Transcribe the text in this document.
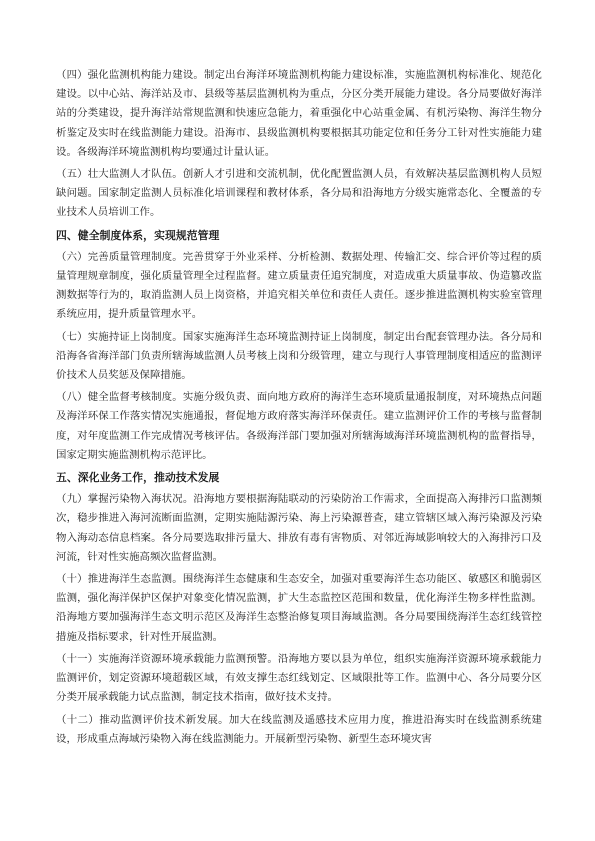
（四）强化监测机构能力建设。制定出台海洋环境监测机构能力建设标准，实施监测机构标准化、规范化建设。以中心站、海洋站及市、县级等基层监测机构为重点，分区分类开展能力建设。各分局要做好海洋站的分类建设，提升海洋站常规监测和快速应急能力，着重强化中心站重金属、有机污染物、海洋生物分析鉴定及实时在线监测能力建设。沿海市、县级监测机构要根据其功能定位和任务分工针对性实施能力建设。各级海洋环境监测机构均要通过计量认证。

（五）壮大监测人才队伍。创新人才引进和交流机制，优化配置监测人员，有效解决基层监测机构人员短缺问题。国家制定监测人员标准化培训课程和教材体系，各分局和沿海地方分级实施常态化、全覆盖的专业技术人员培训工作。

四、健全制度体系，实现规范管理

（六）完善质量管理制度。完善贯穿于外业采样、分析检测、数据处理、传输汇交、综合评价等过程的质量管理规章制度，强化质量管理全过程监督。建立质量责任追究制度，对造成重大质量事故、伪造篡改监测数据等行为的，取消监测人员上岗资格，并追究相关单位和责任人责任。逐步推进监测机构实验室管理系统应用，提升质量管理水平。

（七）实施持证上岗制度。国家实施海洋生态环境监测持证上岗制度，制定出台配套管理办法。各分局和沿海各省海洋部门负责所辖海域监测人员考核上岗和分级管理，建立与现行人事管理制度相适应的监测评价技术人员奖惩及保障措施。

（八）健全监督考核制度。实施分级负责、面向地方政府的海洋生态环境质量通报制度，对环境热点问题及海洋环保工作落实情况实施通报，督促地方政府落实海洋环保责任。建立监测评价工作的考核与监督制度，对年度监测工作完成情况考核评估。各级海洋部门要加强对所辖海域海洋环境监测机构的监督指导，国家定期实施监测机构示范评比。

五、深化业务工作，推动技术发展

（九）掌握污染物入海状况。沿海地方要根据海陆联动的污染防治工作需求，全面提高入海排污口监测频次，稳步推进入海河流断面监测，定期实施陆源污染、海上污染源普查，建立管辖区域入海污染源及污染物入海动态信息档案。各分局要选取排污量大、排放有毒有害物质、对邻近海域影响较大的入海排污口及河流，针对性实施高频次监督监测。

（十）推进海洋生态监测。围绕海洋生态健康和生态安全，加强对重要海洋生态功能区、敏感区和脆弱区监测，强化海洋保护区保护对象变化情况监测，扩大生态监控区范围和数量，优化海洋生物多样性监测。沿海地方要加强海洋生态文明示范区及海洋生态整治修复项目海域监测。各分局要围绕海洋生态红线管控措施及指标要求，针对性开展监测。

（十一）实施海洋资源环境承载能力监测预警。沿海地方要以县为单位，组织实施海洋资源环境承载能力监测评价，划定资源环境超载区域，有效支撑生态红线划定、区域限批等工作。监测中心、各分局要分区分类开展承载能力试点监测，制定技术指南，做好技术支持。

（十二）推动监测评价技术新发展。加大在线监测及遥感技术应用力度，推进沿海实时在线监测系统建设，形成重点海域污染物入海在线监测能力。开展新型污染物、新型生态环境灾害
